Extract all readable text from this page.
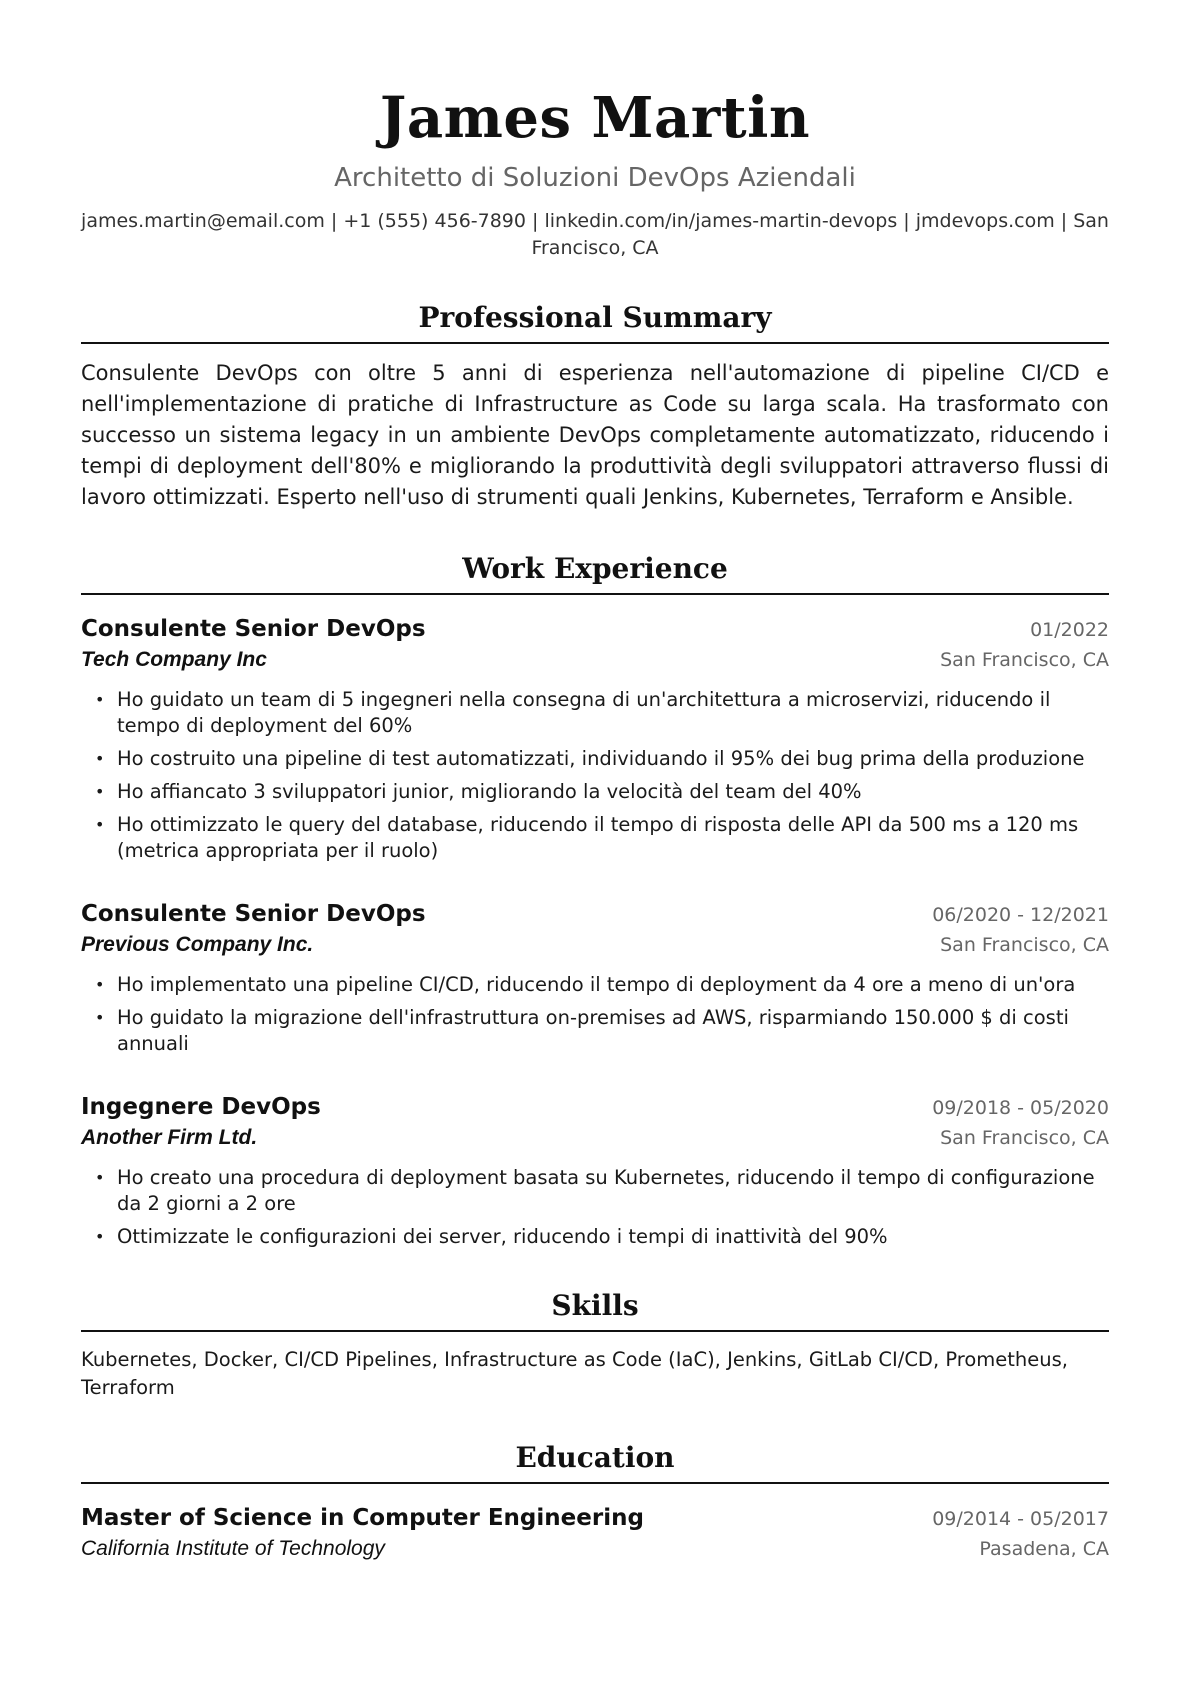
James Martin
Architetto di Soluzioni DevOps Aziendali
james.martin@email.com | +1 (555) 456-7890 | linkedin.com/in/james-martin-devops | jmdevops.com | San Francisco, CA
Professional Summary
Consulente DevOps con oltre 5 anni di esperienza nell'automazione di pipeline CI/CD e nell'implementazione di pratiche di Infrastructure as Code su larga scala. Ha trasformato con successo un sistema legacy in un ambiente DevOps completamente automatizzato, riducendo i tempi di deployment dell'80% e migliorando la produttività degli sviluppatori attraverso flussi di lavoro ottimizzati. Esperto nell'uso di strumenti quali Jenkins, Kubernetes, Terraform e Ansible.
Work Experience
Consulente Senior DevOps	01/2022
Tech Company Inc	San Francisco, CA
• Ho guidato un team di 5 ingegneri nella consegna di un'architettura a microservizi, riducendo il tempo di deployment del 60%
• Ho costruito una pipeline di test automatizzati, individuando il 95% dei bug prima della produzione
• Ho affiancato 3 sviluppatori junior, migliorando la velocità del team del 40%
• Ho ottimizzato le query del database, riducendo il tempo di risposta delle API da 500 ms a 120 ms (metrica appropriata per il ruolo)
Consulente Senior DevOps	06/2020 - 12/2021
Previous Company Inc.	San Francisco, CA
• Ho implementato una pipeline CI/CD, riducendo il tempo di deployment da 4 ore a meno di un'ora
• Ho guidato la migrazione dell'infrastruttura on-premises ad AWS, risparmiando 150.000 $ di costi annuali
Ingegnere DevOps	09/2018 - 05/2020
Another Firm Ltd.	San Francisco, CA
• Ho creato una procedura di deployment basata su Kubernetes, riducendo il tempo di configurazione da 2 giorni a 2 ore
• Ottimizzate le configurazioni dei server, riducendo i tempi di inattività del 90%
Skills
Kubernetes, Docker, CI/CD Pipelines, Infrastructure as Code (IaC), Jenkins, GitLab CI/CD, Prometheus, Terraform
Education
Master of Science in Computer Engineering	09/2014 - 05/2017
California Institute of Technology	Pasadena, CA
